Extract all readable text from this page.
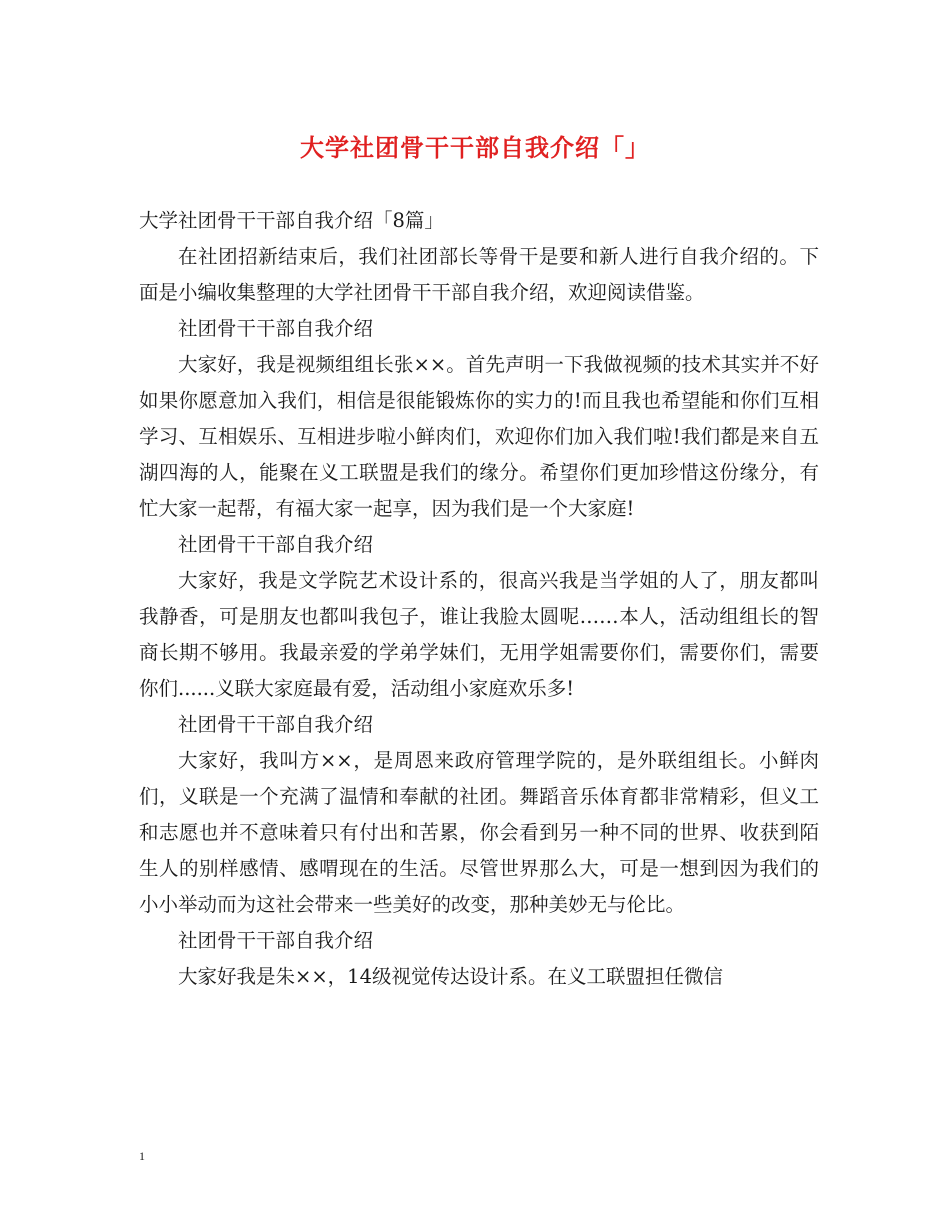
大学社团骨干干部自我介绍「」

大学社团骨干干部自我介绍「8篇」

在社团招新结束后，我们社团部长等骨干是要和新人进行自我介绍的。下面是小编收集整理的大学社团骨干干部自我介绍，欢迎阅读借鉴。

社团骨干干部自我介绍

大家好，我是视频组组长张××。首先声明一下我做视频的技术其实并不好如果你愿意加入我们，相信是很能锻炼你的实力的!而且我也希望能和你们互相学习、互相娱乐、互相进步啦小鲜肉们，欢迎你们加入我们啦!我们都是来自五湖四海的人，能聚在义工联盟是我们的缘分。希望你们更加珍惜这份缘分，有忙大家一起帮，有福大家一起享，因为我们是一个大家庭!

社团骨干干部自我介绍

大家好，我是文学院艺术设计系的，很高兴我是当学姐的人了，朋友都叫我静香，可是朋友也都叫我包子，谁让我脸太圆呢……本人，活动组组长的智商长期不够用。我最亲爱的学弟学妹们，无用学姐需要你们，需要你们，需要你们......义联大家庭最有爱，活动组小家庭欢乐多!

社团骨干干部自我介绍

大家好，我叫方××，是周恩来政府管理学院的，是外联组组长。小鲜肉们，义联是一个充满了温情和奉献的社团。舞蹈音乐体育都非常精彩，但义工和志愿也并不意味着只有付出和苦累，你会看到另一种不同的世界、收获到陌生人的别样感情、感喟现在的生活。尽管世界那么大，可是一想到因为我们的小小举动而为这社会带来一些美好的改变，那种美妙无与伦比。

社团骨干干部自我介绍

大家好我是朱××，14级视觉传达设计系。在义工联盟担任微信

1
